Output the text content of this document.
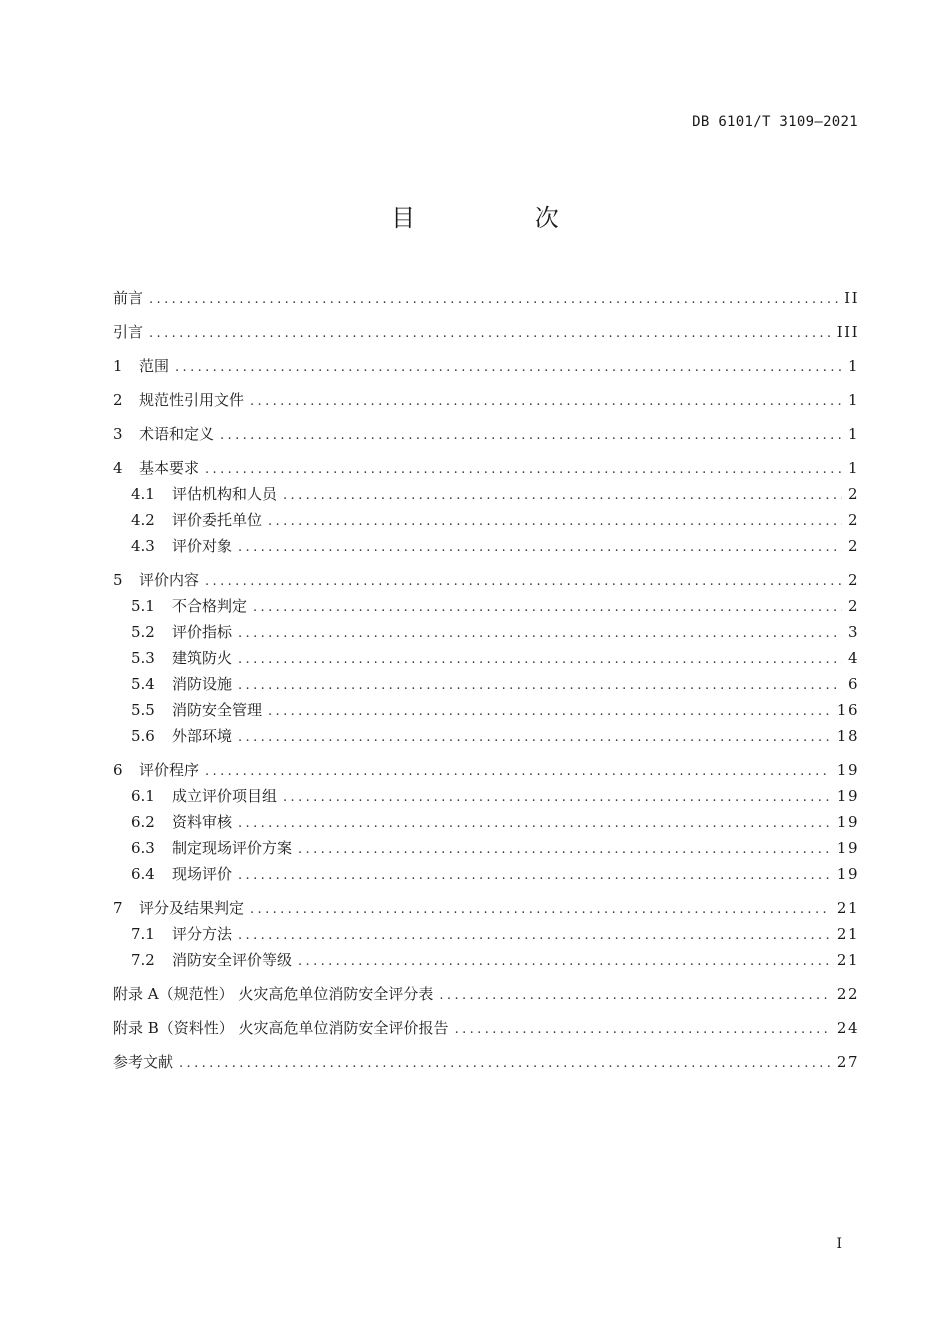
DB 6101/T 3109—2021
目 次
前言 .....	II
引言 .....	III
1	范围 .....	1
2	规范性引用文件 .....	1
3	术语和定义 .....	1
4	基本要求 .....	1
4.1	评估机构和人员 .....	2
4.2	评价委托单位 .....	2
4.3	评价对象 .....	2
5	评价内容 .....	2
5.1	不合格判定 .....	2
5.2	评价指标 .....	3
5.3	建筑防火 .....	4
5.4	消防设施 .....	6
5.5	消防安全管理 .....	16
5.6	外部环境 .....	18
6	评价程序 .....	19
6.1	成立评价项目组 .....	19
6.2	资料审核 .....	19
6.3	制定现场评价方案 .....	19
6.4	现场评价 .....	19
7	评分及结果判定 .....	21
7.1	评分方法 .....	21
7.2	消防安全评价等级 .....	21
附录 A（规范性） 火灾高危单位消防安全评分表 .....	22
附录 B（资料性） 火灾高危单位消防安全评价报告 .....	24
参考文献 .....	27
I
